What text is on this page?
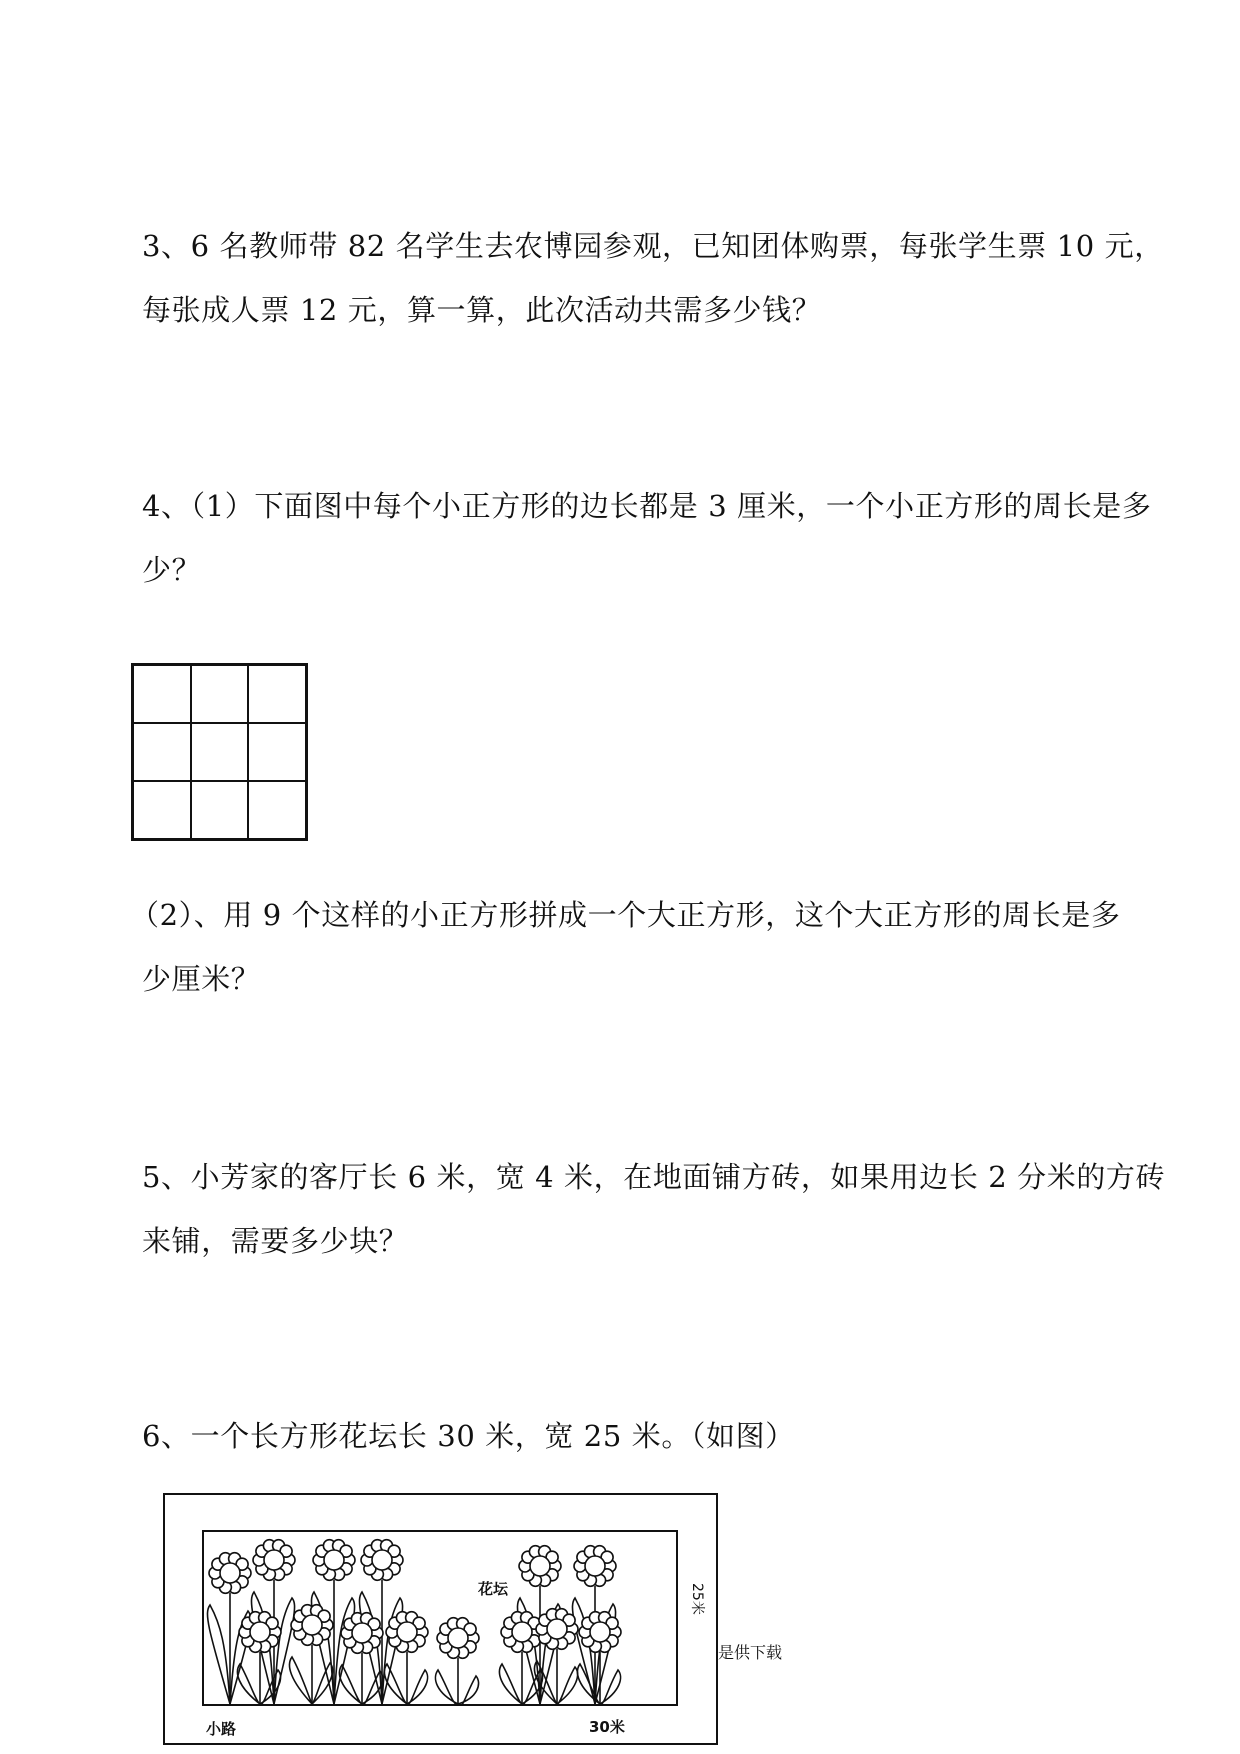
3、6 名教师带 82 名学生去农博园参观，已知团体购票，每张学生票 10 元，
每张成人票 12 元，算一算，此次活动共需多少钱？
4、（1）下面图中每个小正方形的边长都是 3 厘米，一个小正方形的周长是多
少？
（2）、用 9 个这样的小正方形拼成一个大正方形，这个大正方形的周长是多
少厘米？
5、小芳家的客厅长 6 米，宽 4 米，在地面铺方砖，如果用边长 2 分米的方砖
来铺，需要多少块？
6、一个长方形花坛长 30 米，宽 25 米。（如图）
花坛	25米
30米
小路
是供下载
